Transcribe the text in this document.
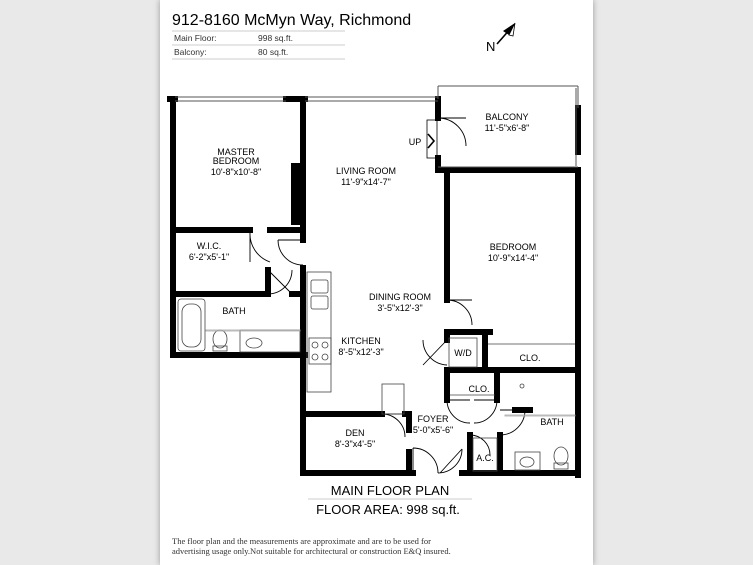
912-8160 McMyn Way, Richmond
Main Floor:	998 sq.ft.
Balcony:	80 sq.ft.	N
BALCONY
11'-5"x6'-8"
MASTER
BEDROOM
10'-8"x10'-8"	LIVING ROOM
11'-9"x14'-7"
BEDROOM
10'-9"x14'-4"
W.I.C.
6'-2"x5'-1"
BATH
DINING ROOM
3'-5"x12'-3"
KITCHEN
8'-5"x12'-3"	W/D	CLO.
CLO.
BATH
FOYER
5'-0"x5'-6"
DEN
8'-3"x4'-5"
A.C.
UP
MAIN FLOOR PLAN
FLOOR AREA: 998 sq.ft.
The floor plan and the measurements are approximate and are to be used for
advertising usage only.Not suitable for architectural or construction E&Q insured.
